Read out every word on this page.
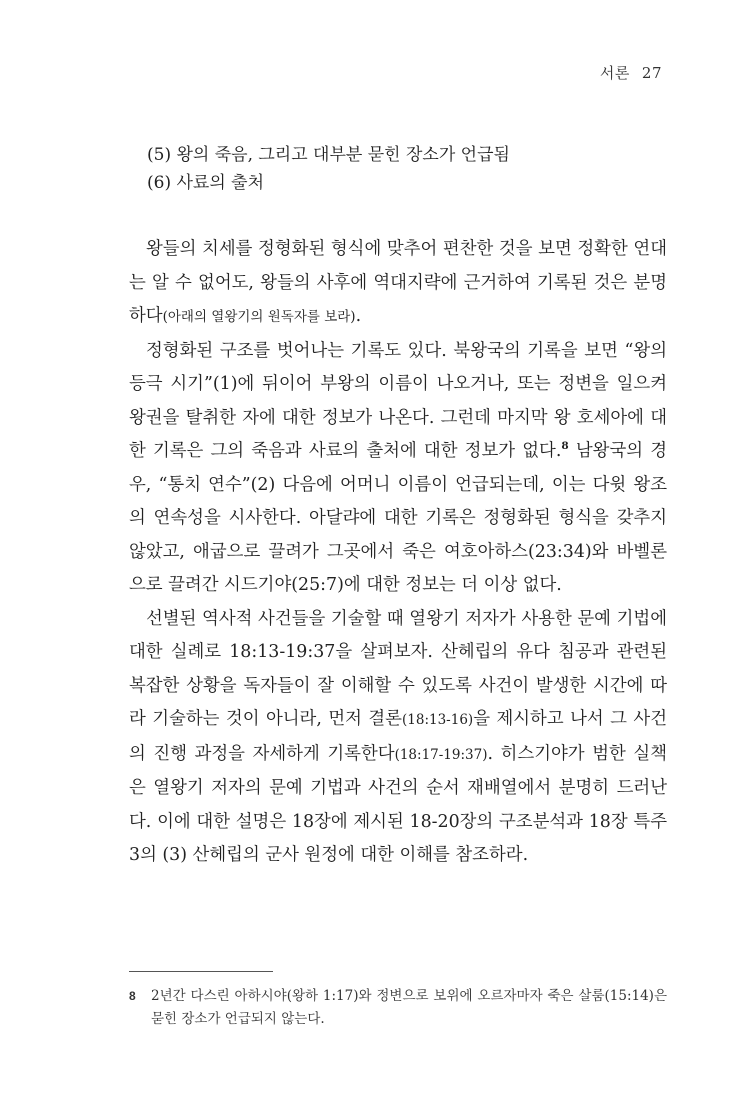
서론 27
(5) 왕의 죽음, 그리고 대부분 묻힌 장소가 언급됨
(6) 사료의 출처

왕들의 치세를 정형화된 형식에 맞추어 편찬한 것을 보면 정확한 연대는 알 수 없어도, 왕들의 사후에 역대지략에 근거하여 기록된 것은 분명하다(아래의 열왕기의 원독자를 보라).

정형화된 구조를 벗어나는 기록도 있다. 북왕국의 기록을 보면 “왕의 등극 시기”(1)에 뒤이어 부왕의 이름이 나오거나, 또는 정변을 일으켜 왕권을 탈취한 자에 대한 정보가 나온다. 그런데 마지막 왕 호세아에 대한 기록은 그의 죽음과 사료의 출처에 대한 정보가 없다.$^8$ 남왕국의 경우, “통치 연수”(2) 다음에 어머니 이름이 언급되는데, 이는 다윗 왕조의 연속성을 시사한다. 아달랴에 대한 기록은 정형화된 형식을 갖추지 않았고, 애굽으로 끌려가 그곳에서 죽은 여호아하스(23:34)와 바벨론으로 끌려간 시드기야(25:7)에 대한 정보는 더 이상 없다.

선별된 역사적 사건들을 기술할 때 열왕기 저자가 사용한 문예 기법에 대한 실례로 18:13-19:37을 살펴보자. 산헤립의 유다 침공과 관련된 복잡한 상황을 독자들이 잘 이해할 수 있도록 사건이 발생한 시간에 따라 기술하는 것이 아니라, 먼저 결론(18:13-16)을 제시하고 나서 그 사건의 진행 과정을 자세하게 기록한다(18:17-19:37). 히스기야가 범한 실책은 열왕기 저자의 문예 기법과 사건의 순서 재배열에서 분명히 드러난다. 이에 대한 설명은 18장에 제시된 18-20장의 구조분석과 18장 특주 3의 (3) 산헤립의 군사 원정에 대한 이해를 참조하라.

8	2년간 다스린 아하시야(왕하 1:17)와 정변으로 보위에 오르자마자 죽은 살룸(15:14)은 묻힌 장소가 언급되지 않는다.
